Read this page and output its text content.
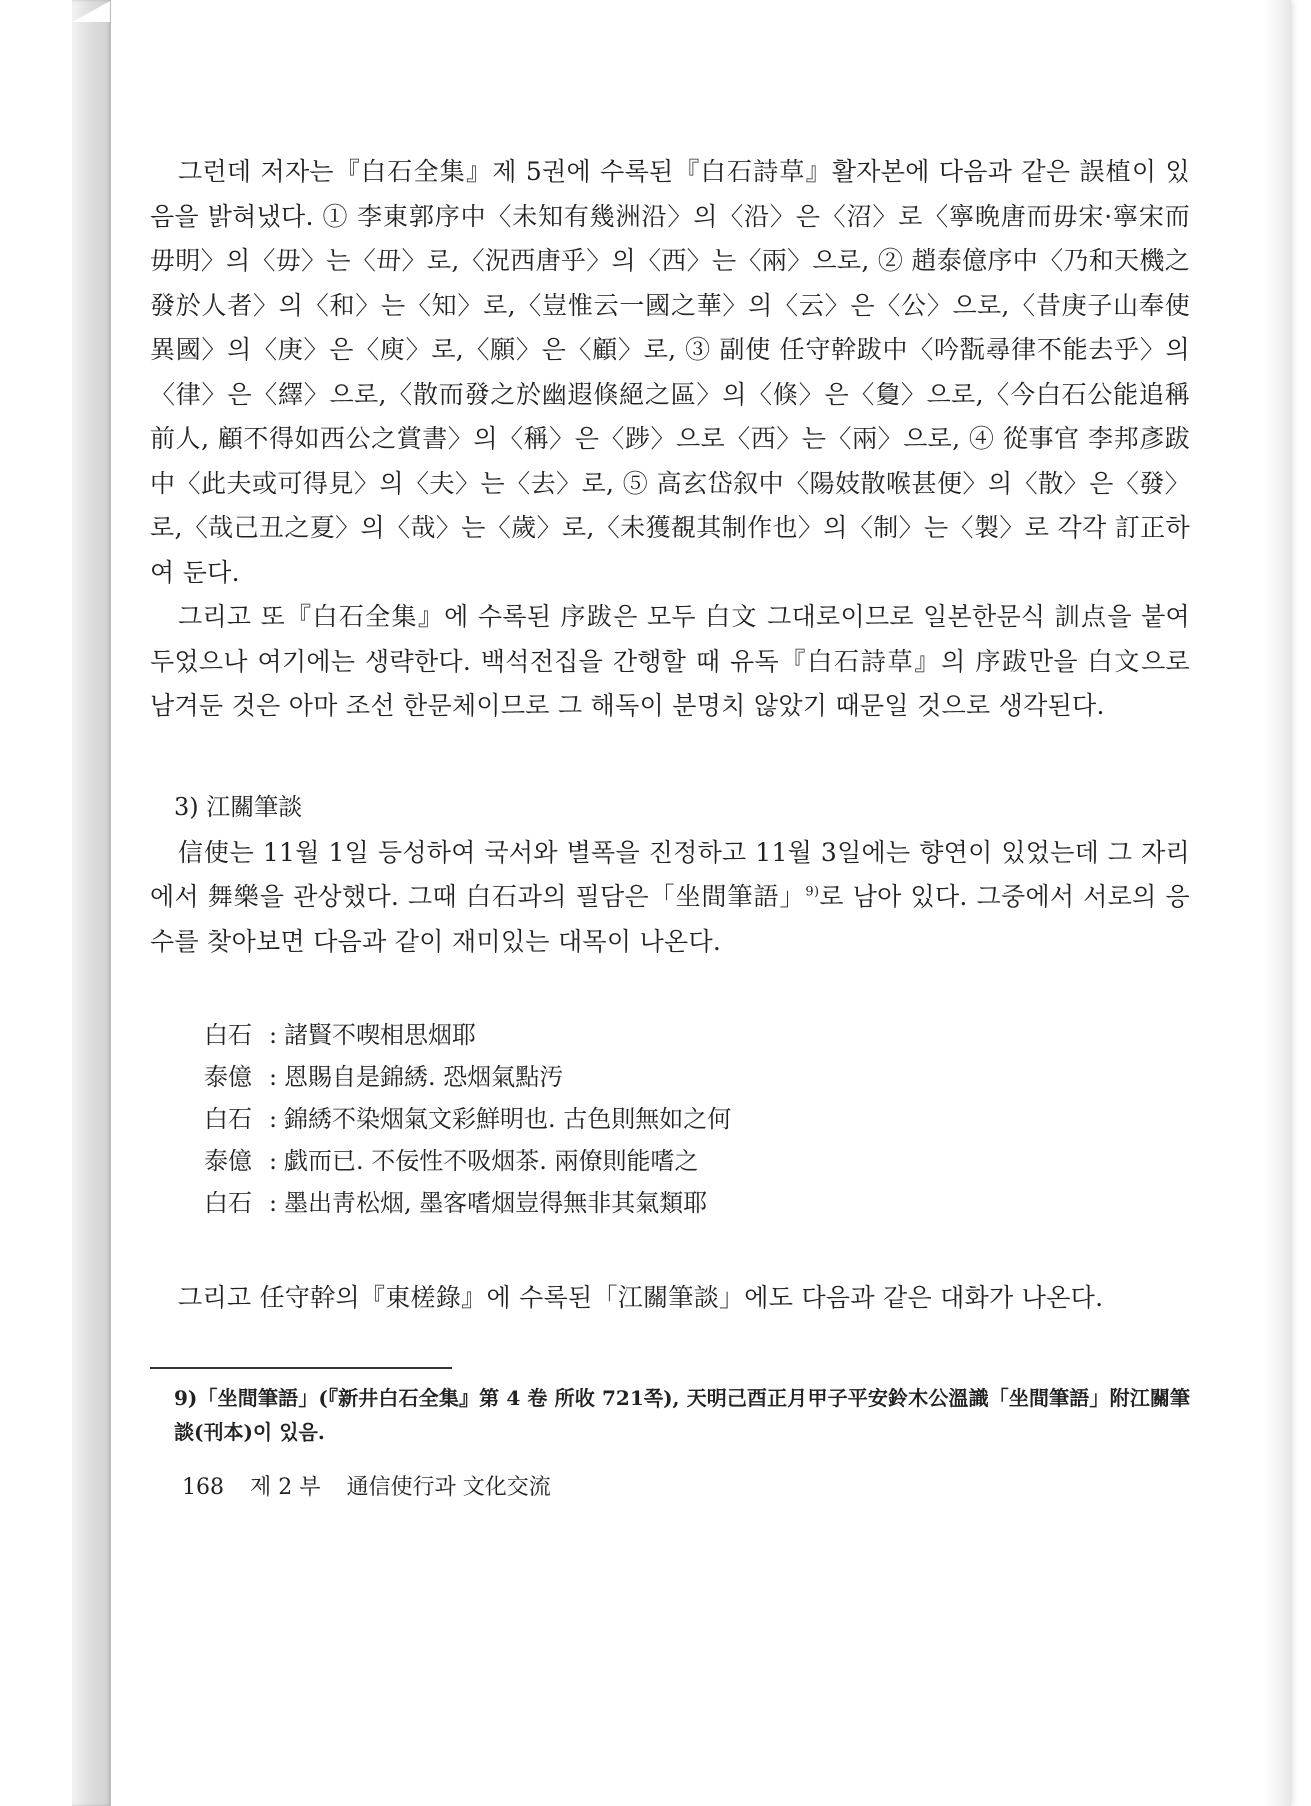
그런데 저자는『白石全集』제 5권에 수록된『白石詩草』활자본에 다음과 같은 誤植이 있음을 밝혀냈다. ① 李東郭序中〈未知有幾洲沿〉의〈沿〉은〈沼〉로〈寧晩唐而毋宋·寧宋而毋明〉의〈毋〉는〈毌〉로,〈況西唐乎〉의〈西〉는〈兩〉으로, ② 趙泰億序中〈乃和天機之發於人者〉의〈和〉는〈知〉로,〈豈惟云一國之華〉의〈云〉은〈公〉으로,〈昔庚子山奉使異國〉의〈庚〉은〈庾〉로,〈願〉은〈顧〉로, ③ 副使 任守幹跋中〈吟翫尋律不能去乎〉의〈律〉은〈繹〉으로,〈散而發之於幽遐倏絕之區〉의〈倏〉은〈敻〉으로,〈今白石公能追稱前人, 顧不得如西公之賞書〉의〈稱〉은〈踄〉으로〈西〉는〈兩〉으로, ④ 從事官 李邦彥跋中〈此夫或可得見〉의〈夫〉는〈去〉로, ⑤ 高玄岱叙中〈陽妓散喉甚便〉의〈散〉은〈發〉로,〈哉己丑之夏〉의〈哉〉는〈歲〉로,〈未獲覩其制作也〉의〈制〉는〈製〉로 각각 訂正하여 둔다.

그리고 또『白石全集』에 수록된 序跋은 모두 白文 그대로이므로 일본한문식 訓点을 붙여두었으나 여기에는 생략한다. 백석전집을 간행할 때 유독『白石詩草』의 序跋만을 白文으로 남겨둔 것은 아마 조선 한문체이므로 그 해독이 분명치 않았기 때문일 것으로 생각된다.

3) 江關筆談

信使는 11월 1일 등성하여 국서와 별폭을 진정하고 11월 3일에는 향연이 있었는데 그 자리에서 舞樂을 관상했다. 그때 白石과의 필담은「坐間筆語」$^{9)}$로 남아 있다. 그중에서 서로의 응수를 찾아보면 다음과 같이 재미있는 대목이 나온다.

白石 : 諸賢不喫相思烟耶
泰億 : 恩賜自是錦綉. 恐烟氣點汚
白石 : 錦綉不染烟氣文彩鮮明也. 古色則無如之何
泰億 : 戯而已. 不佞性不吸烟茶. 兩僚則能嗜之
白石 : 墨出靑松烟, 墨客嗜烟豈得無非其氣類耶

그리고 任守幹의『東槎錄』에 수록된「江關筆談」에도 다음과 같은 대화가 나온다.

9)「坐間筆語」(『新井白石全集』第 4 卷 所收 721쪽), 天明己酉正月甲子平安鈴木公溫識「坐間筆語」附江關筆談(刊本)이 있음.
168 제 2 부 通信使行과 文化交流
